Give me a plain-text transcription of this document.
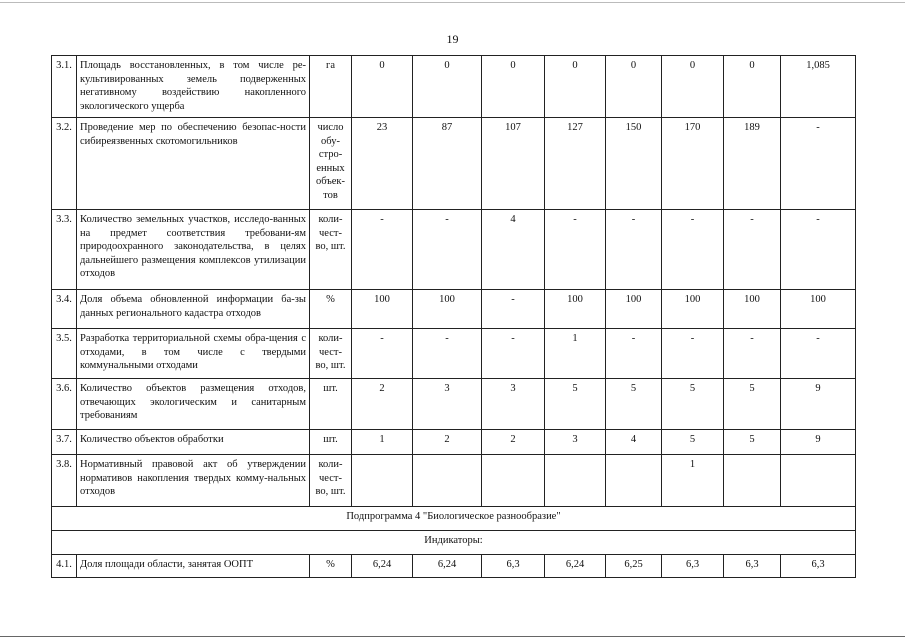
19
3.1.	Площадь восстановленных, в том числе ре-культивированных земель подверженных негативному воздействию накопленного экологического ущерба	га	0	0	0	0	0	0	0	1,085
3.2.	Проведение мер по обеспечению безопас-ности сибиреязвенных скотомогильников	число обу-стро-енных объек-тов	23	87	107	127	150	170	189	-
3.3.	Количество земельных участков, исследо-ванных на предмет соответствия требовани-ям природоохранного законодательства, в целях дальнейшего размещения комплексов утилизации отходов	коли-чест-во, шт.	-	-	4	-	-	-	-	-
3.4.	Доля объема обновленной информации ба-зы данных регионального кадастра отходов	%	100	100	-	100	100	100	100	100
3.5.	Разработка территориальной схемы обра-щения с отходами, в том числе с твердыми коммунальными отходами	коли-чест-во, шт.	-	-	-	1	-	-	-	-
3.6.	Количество объектов размещения отходов, отвечающих экологическим и санитарным требованиям	шт.	2	3	3	5	5	5	5	9
3.7.	Количество объектов обработки	шт.	1	2	2	3	4	5	5	9
3.8.	Нормативный правовой акт об утверждении нормативов накопления твердых комму-нальных отходов	коли-чест-во, шт.						1		
Подпрограмма 4 "Биологическое разнообразие"										
Индикаторы:										
4.1.	Доля площади области, занятая ООПТ	%	6,24	6,24	6,3	6,24	6,25	6,3	6,3	6,3
